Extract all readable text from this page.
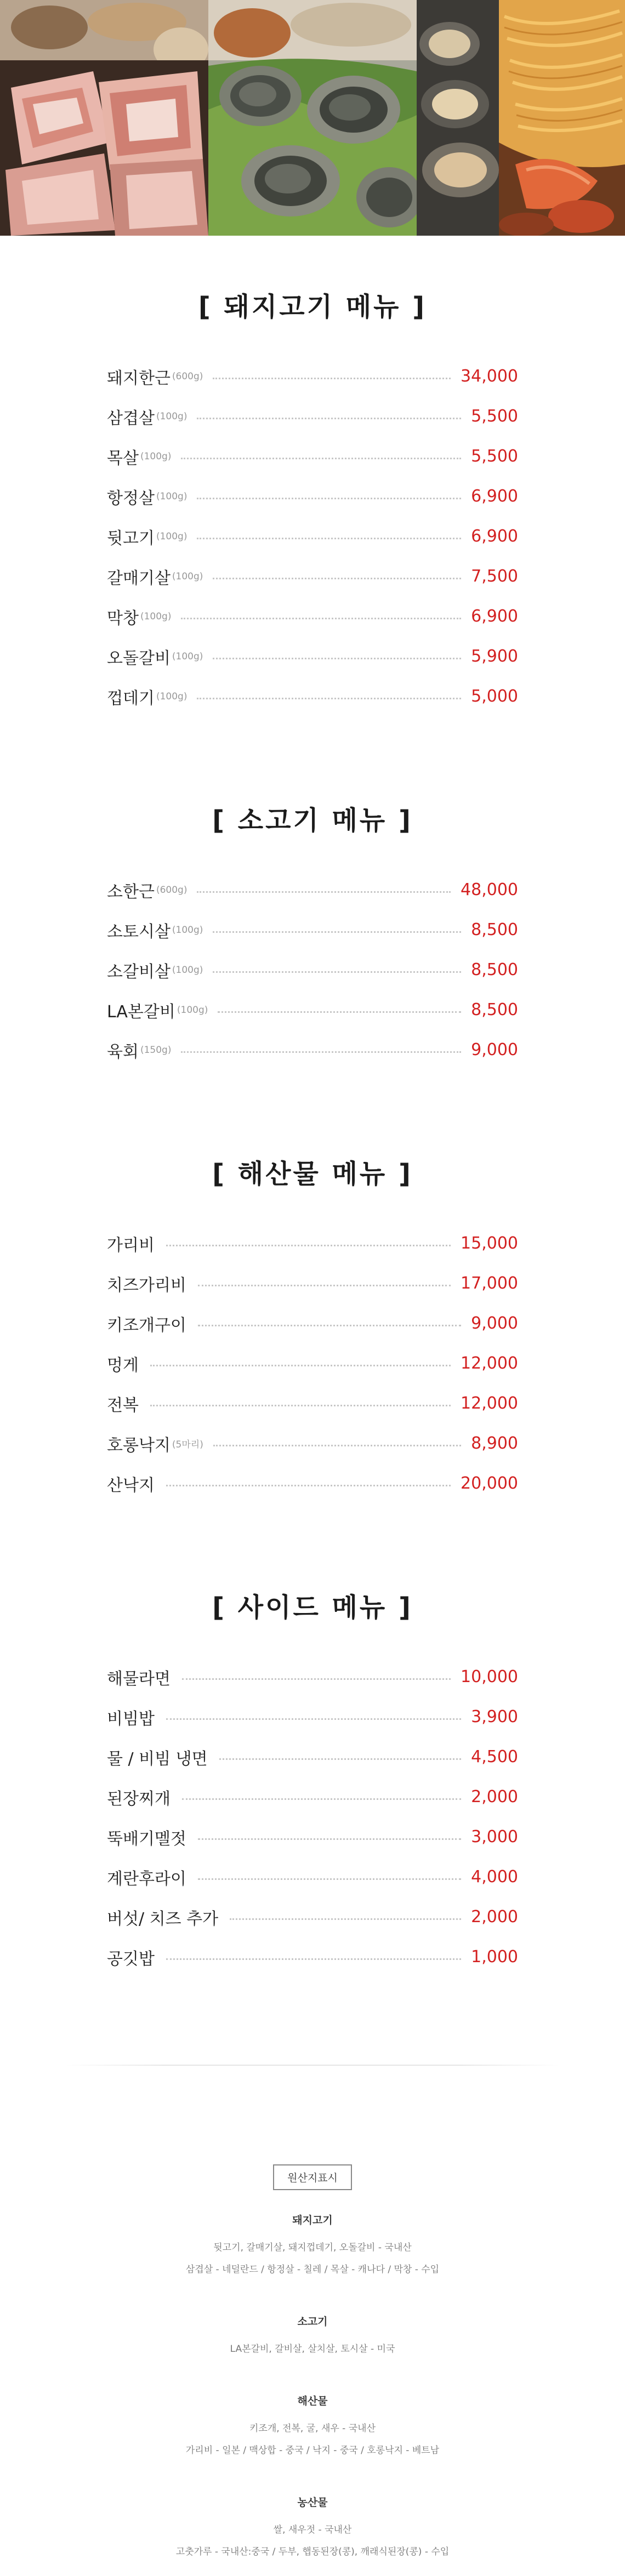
[ 돼지고기 메뉴 ]
돼지한근 (600g)	34,000
삼겹살 (100g)	5,500
목살 (100g)	5,500
항정살 (100g)	6,900
뒷고기 (100g)	6,900
갈매기살 (100g)	7,500
막창 (100g)	6,900
오돌갈비 (100g)	5,900
껍데기 (100g)	5,000
[ 소고기 메뉴 ]
소한근 (600g)	48,000
소토시살 (100g)	8,500
소갈비살 (100g)	8,500
LA본갈비 (100g)	8,500
육회 (150g)	9,000
[ 해산물 메뉴 ]
가리비	15,000
치즈가리비	17,000
키조개구이	9,000
멍게	12,000
전복	12,000
호롱낙지 (5마리)	8,900
산낙지	20,000
[ 사이드 메뉴 ]
해물라면	10,000
비빔밥	3,900
물 / 비빔 냉면	4,500
된장찌개	2,000
뚝배기멜젓	3,000
계란후라이	4,000
버섯/ 치즈 추가	2,000
공깃밥	1,000
원산지표시
돼지고기
뒷고기, 갈매기살, 돼지껍데기, 오돌갈비 - 국내산
삼겹살 - 네덜란드 / 항정살 - 칠레 / 목살 - 캐나다 / 막창 - 수입
소고기
LA본갈비, 갈비살, 살치살, 토시살 - 미국
해산물
키조개, 전복, 굴, 새우 - 국내산
가리비 - 일본 / 맥상합 - 중국 / 낙지 - 중국 / 호롱낙지 - 베트남
농산물
쌀, 새우젓 - 국내산
고춧가루 - 국내산:중국 / 두부, 햅동된장(콩), 깨래식된장(콩) - 수입
